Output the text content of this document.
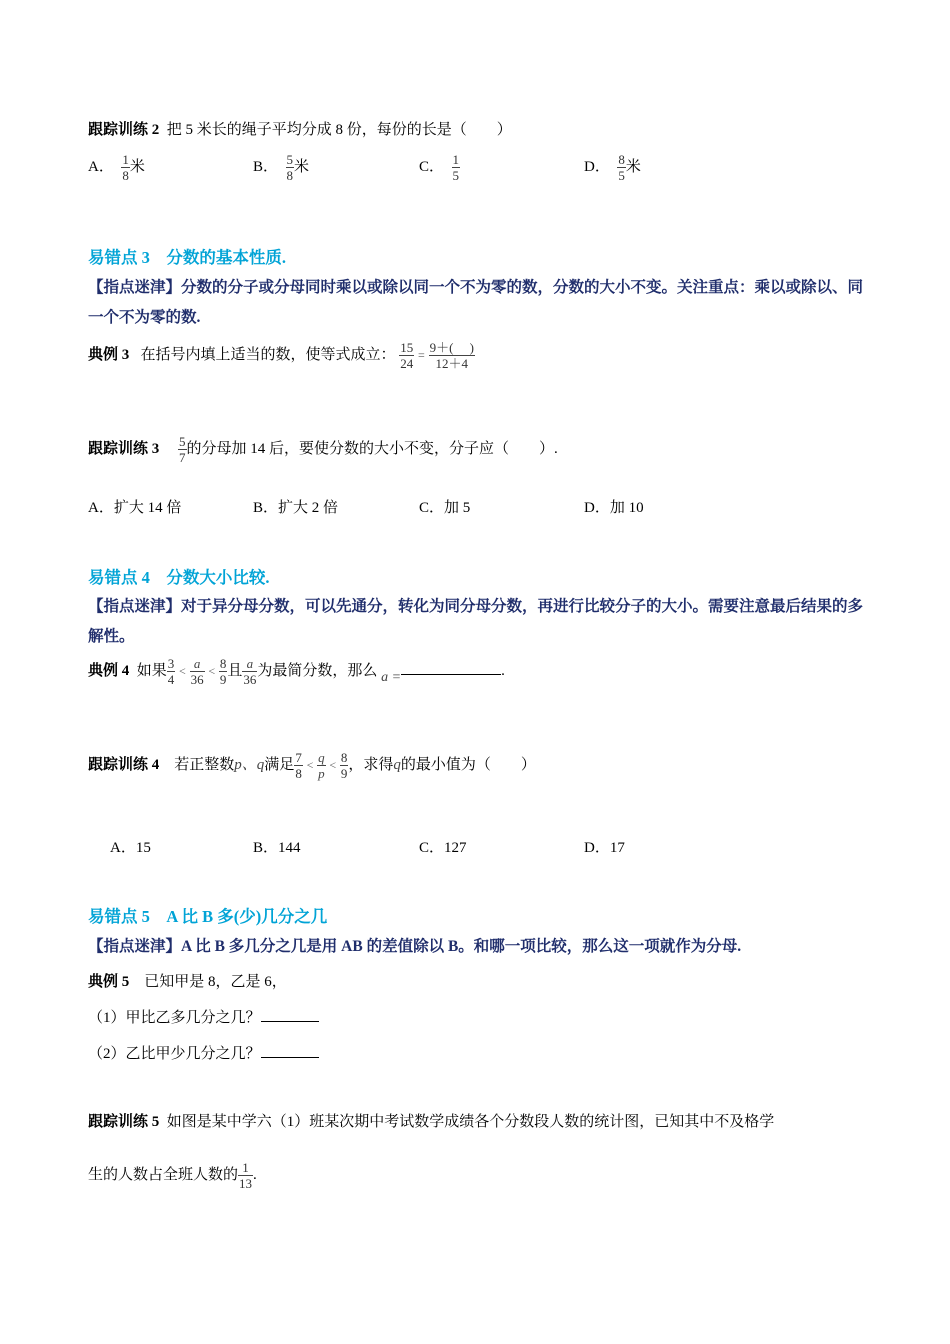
跟踪训练 2 把 5 米长的绳子平均分成 8 份，每份的长是（　　）
A． $\frac{1}{8}$ 米	B． $\frac{5}{8}$ 米	C． $\frac{1}{5}$	D． $\frac{8}{5}$ 米
易错点 3　分数的基本性质.
【指点迷津】分数的分子或分母同时乘以或除以同一个不为零的数，分数的大小不变。关注重点：乘以或除以、同一个不为零的数.
典例 3 在括号内填上适当的数，使等式成立： $\frac{15}{24} = \frac{9+( )}{12+4}$
跟踪训练 $3 \frac{5}{7}$ 的分母加 14 后，要使分数的大小不变，分子应（　　）.
A．扩大 14 倍	B．扩大 2 倍	C．加 5	D．加 10
易错点 4　分数大小比较.
【指点迷津】对于异分母分数，可以先通分，转化为同分母分数，再进行比较分子的大小。需要注意最后结果的多解性。
典例 4 如果 $\frac{3}{4} < \frac{a}{36} < \frac{8}{9}$ 且 $\frac{a}{36}$ 为最简分数，那么 a =	.
跟踪训练 4 若正整数p、q满足 $\frac{7}{8} < \frac{q}{p} < \frac{8}{9}$ ，求得q的最小值为（　　）
A．15	B．144	C．127	D．17
易错点 5　A 比 B 多(少)几分之几
【指点迷津】A 比 B 多几分之几是用 AB 的差值除以 B。和哪一项比较，那么这一项就作为分母.
典例 5 已知甲是 8，乙是 6，
（1）甲比乙多几分之几？
（2）乙比甲少几分之几？
跟踪训练 5 如图是某中学六（1）班某次期中考试数学成绩各个分数段人数的统计图，已知其中不及格学
生的人数占全班人数的 $\frac{1}{13}$ .
